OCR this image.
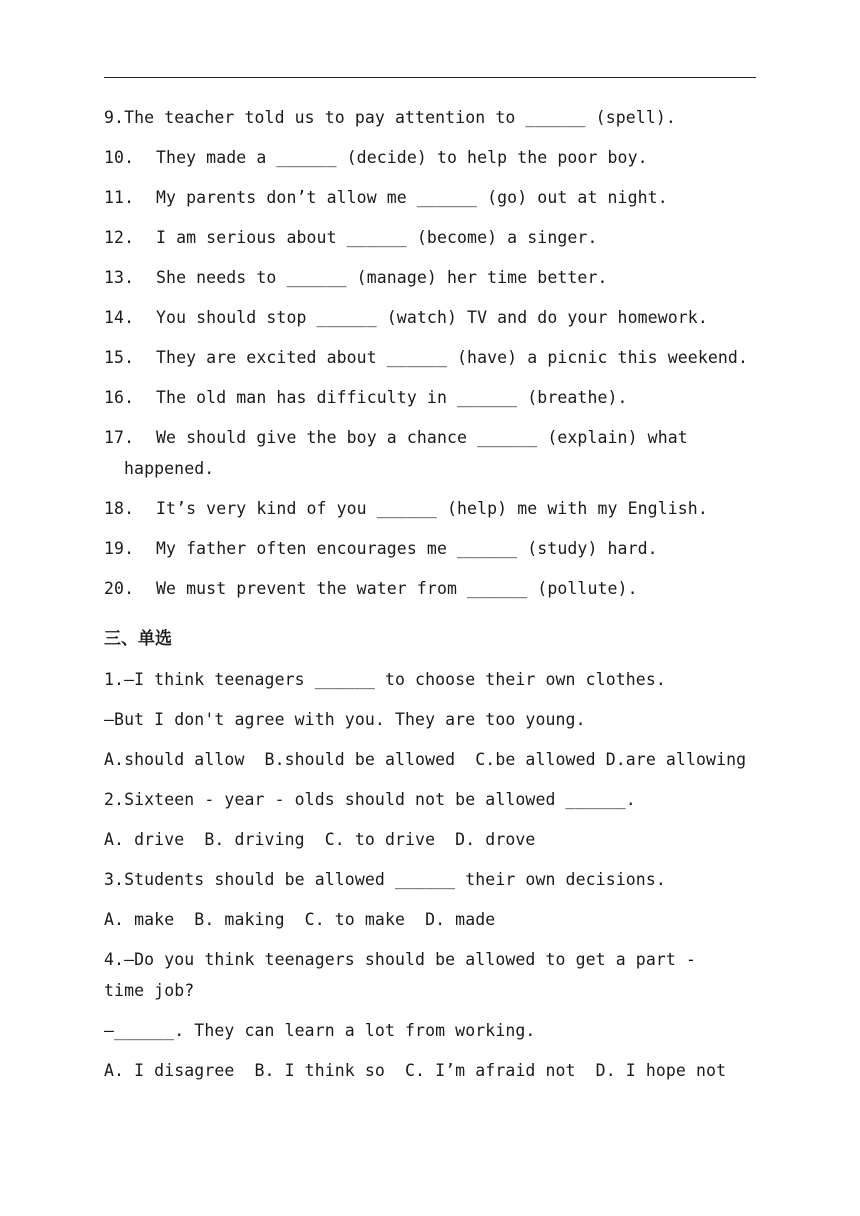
9.The teacher told us to pay attention to ______ (spell).
10. They made a ______ (decide) to help the poor boy.
11. My parents don’t allow me ______ (go) out at night.
12. I am serious about ______ (become) a singer.
13. She needs to ______ (manage) her time better.
14. You should stop ______ (watch) TV and do your homework.
15. They are excited about ______ (have) a picnic this weekend.
16. The old man has difficulty in ______ (breathe).
17. We should give the boy a chance ______ (explain) what
happened.
18. It’s very kind of you ______ (help) me with my English.
19. My father often encourages me ______ (study) hard.
20. We must prevent the water from ______ (pollute).
三、单选
1.—I think teenagers ______ to choose their own clothes.
—But I don't agree with you. They are too young.
A.should allow  B.should be allowed  C.be allowed D.are allowing
2.Sixteen - year - olds should not be allowed ______.
A. drive  B. driving  C. to drive  D. drove
3.Students should be allowed ______ their own decisions.
A. make  B. making  C. to make  D. made
4.—Do you think teenagers should be allowed to get a part -
time job?
—______. They can learn a lot from working.
A. I disagree  B. I think so  C. I’m afraid not  D. I hope not
